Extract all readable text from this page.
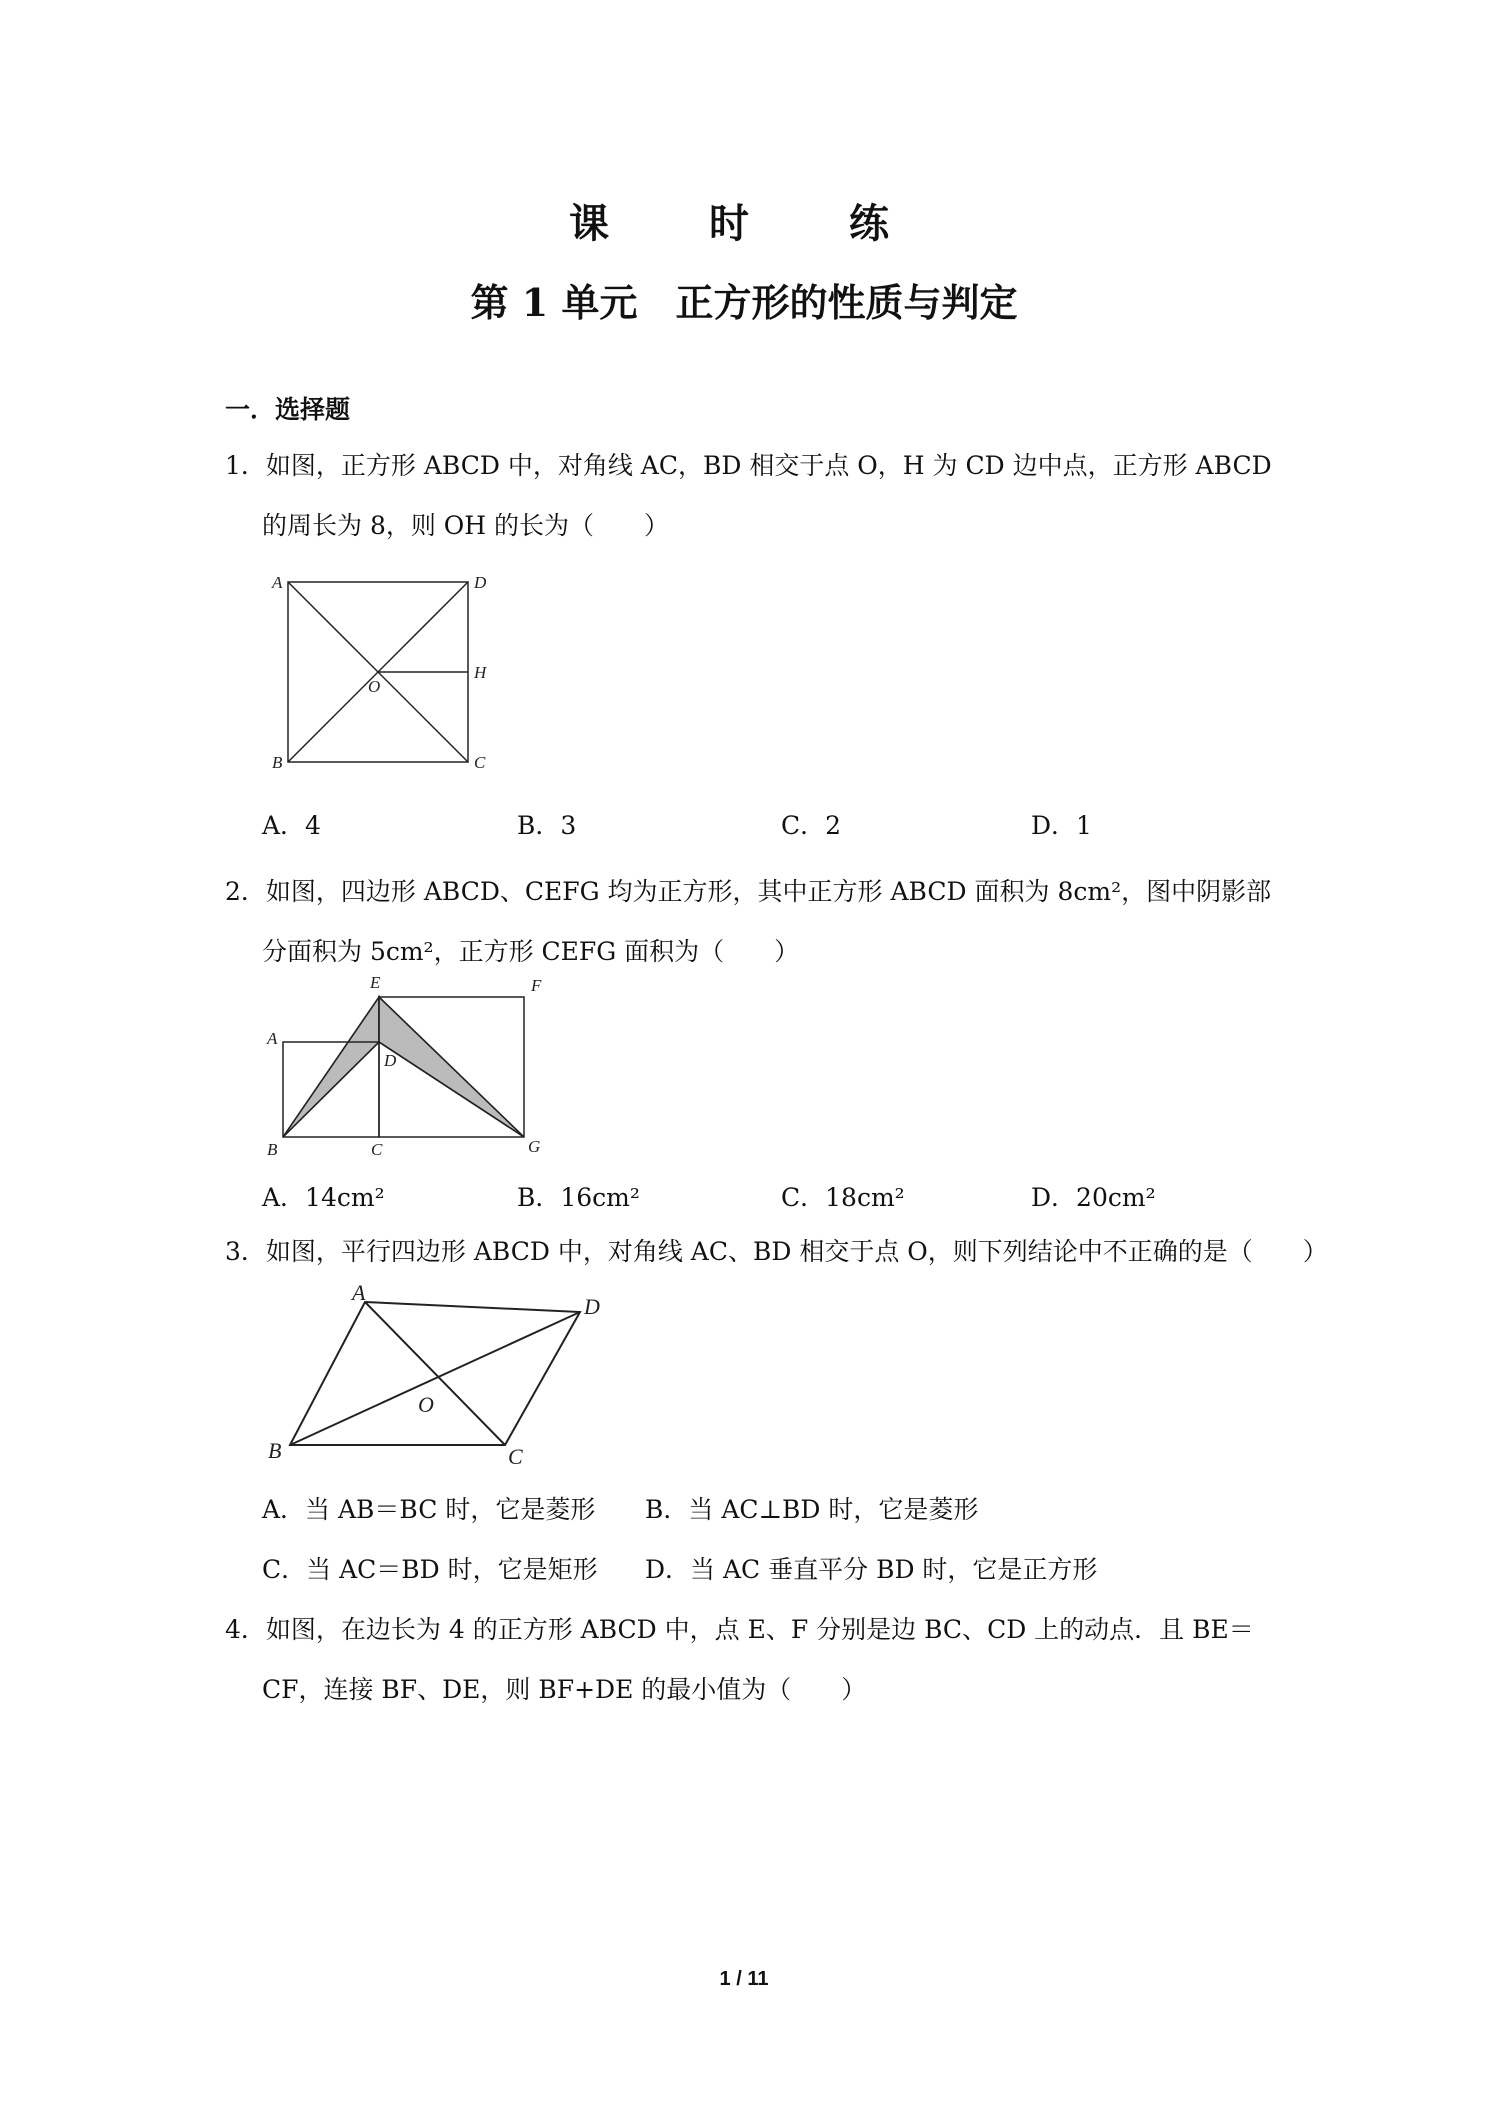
课　时　练
第 1 单元　正方形的性质与判定
一．选择题
1．如图，正方形 ABCD 中，对角线 AC，BD 相交于点 O，H 为 CD 边中点，正方形 ABCD
的周长为 8，则 OH 的长为（　　）
A	D
B	C
O
H
A．4	B．3	C．2	D．1
2．如图，四边形 ABCD、CEFG 均为正方形，其中正方形 ABCD 面积为 8cm²，图中阴影部
分面积为 5cm²，正方形 CEFG 面积为（　　）
A
E	F
D
B	C	G
A．14cm²	B．16cm²	C．18cm²	D．20cm²
3．如图，平行四边形 ABCD 中，对角线 AC、BD 相交于点 O，则下列结论中不正确的是（　　）
A
D
B	C
O
A．当 AB＝BC 时，它是菱形 B．当 AC⊥BD 时，它是菱形
C．当 AC＝BD 时，它是矩形 D．当 AC 垂直平分 BD 时，它是正方形
4．如图，在边长为 4 的正方形 ABCD 中，点 E、F 分别是边 BC、CD 上的动点．且 BE＝
CF，连接 BF、DE，则 BF+DE 的最小值为（　　）
1 / 11
